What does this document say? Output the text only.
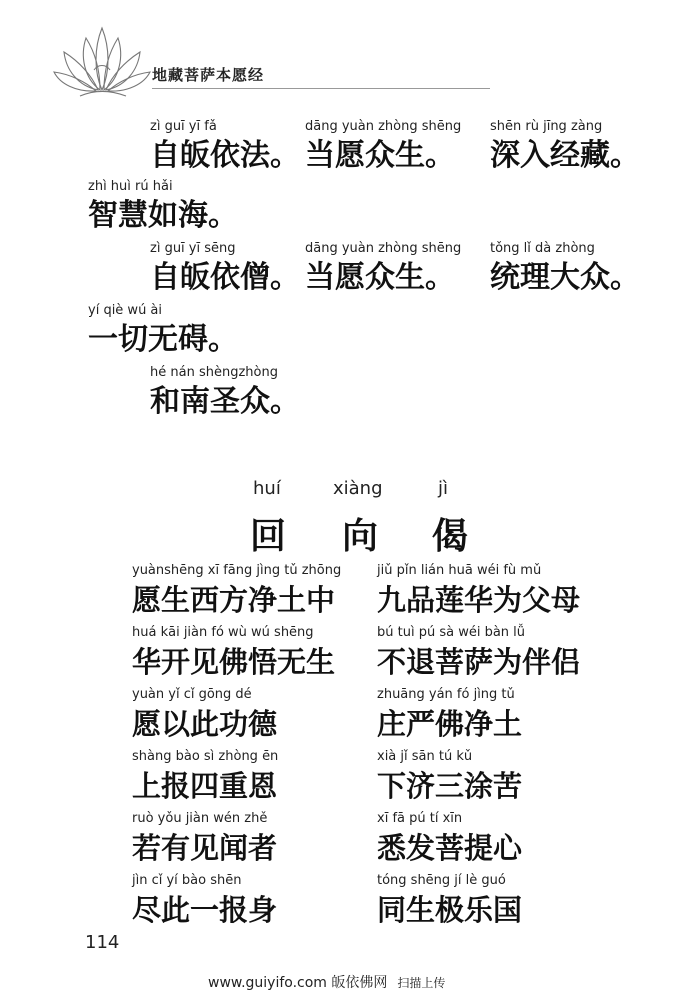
地藏菩萨本愿经
zì guī yī fǎ
自皈依法。
dāng yuàn zhòng shēng
当愿众生。
shēn rù jīng zàng
深入经藏。
zhì huì rú hǎi
智慧如海。
zì guī yī sēng
自皈依僧。
dāng yuàn zhòng shēng
当愿众生。
tǒng lǐ dà zhòng
统理大众。
yí qiè wú ài
一切无碍。
hé nán shèngzhòng
和南圣众。
huí	xiàng	jì
回 向 偈
yuànshēng xī fāng jìng tǔ zhōng
愿生西方净土中
jiǔ pǐn lián huā wéi fù mǔ
九品莲华为父母
huá kāi jiàn fó wù wú shēng
华开见佛悟无生
bú tuì pú sà wéi bàn lǚ
不退菩萨为伴侣
yuàn yǐ cǐ gōng dé
愿以此功德
zhuāng yán fó jìng tǔ
庄严佛净土
shàng bào sì zhòng ēn
上报四重恩
xià jǐ sān tú kǔ
下济三涂苦
ruò yǒu jiàn wén zhě
若有见闻者
xī fā pú tí xīn
悉发菩提心
jìn cǐ yí bào shēn
尽此一报身
tóng shēng jí lè guó
同生极乐国
114
www.guiyifo.com 皈依佛网 扫描上传
